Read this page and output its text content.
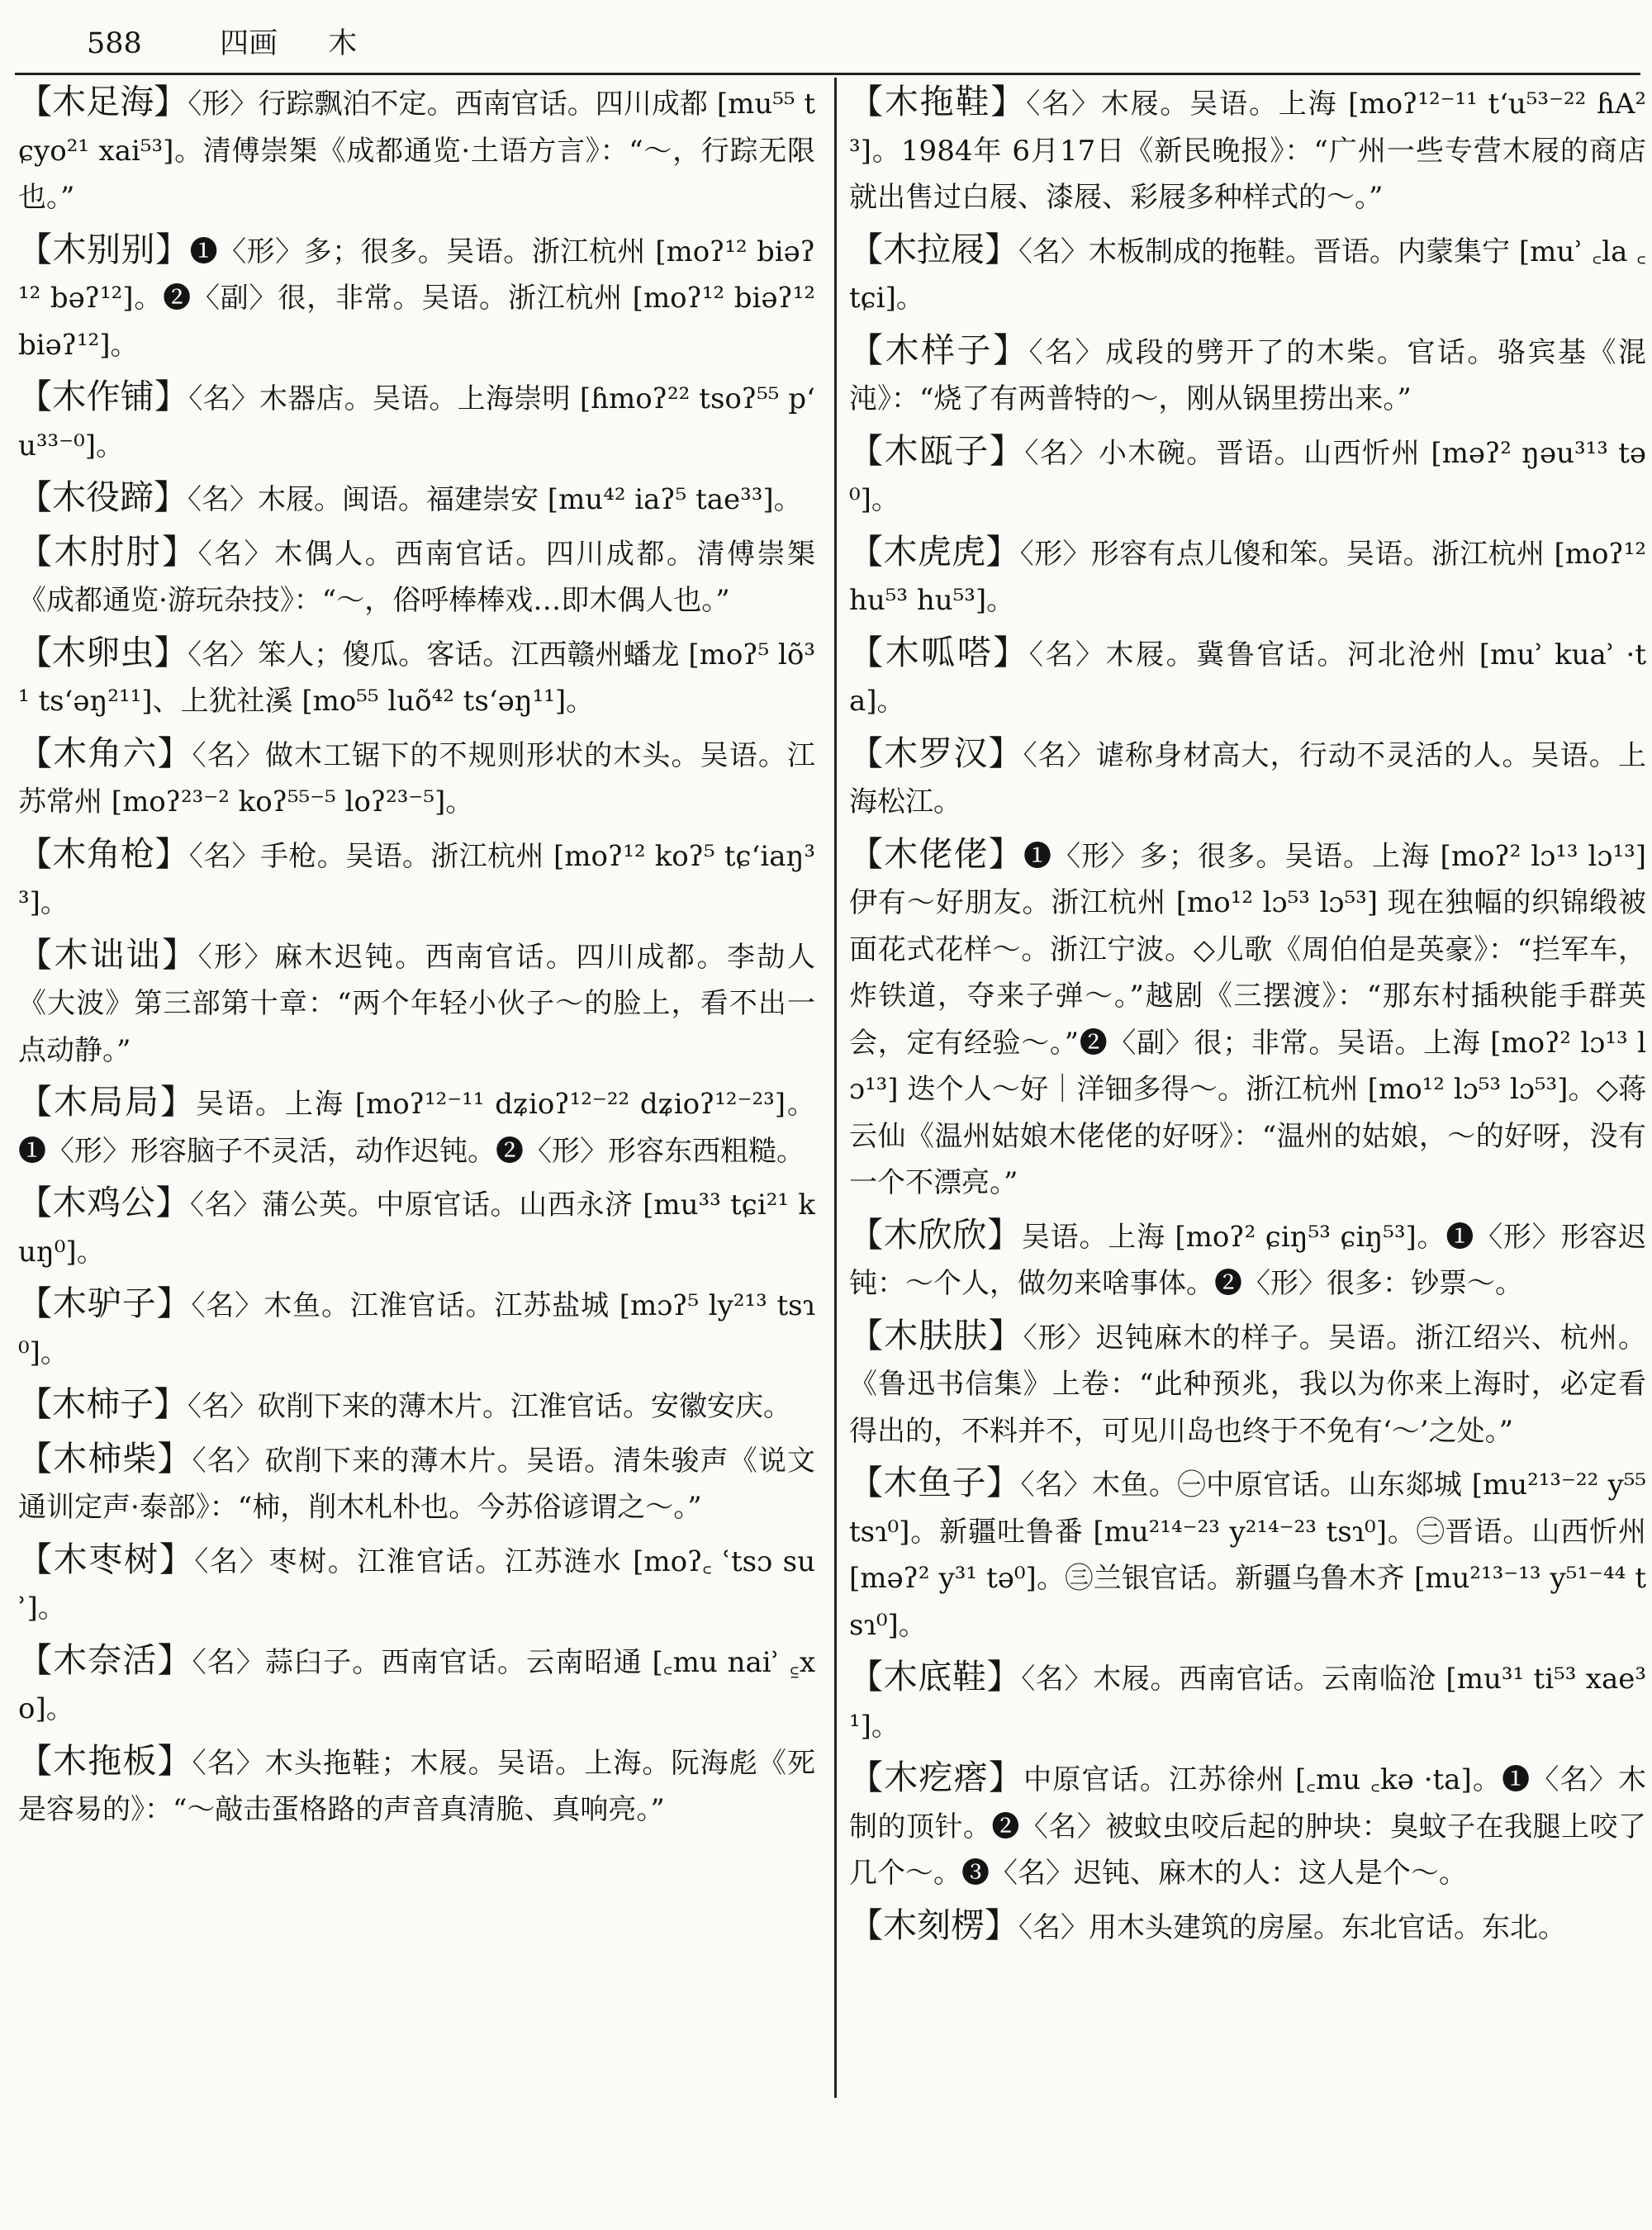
588	四画 木

【木足海】〈形〉行踪飘泊不定。西南官话。四川成都 [mu⁵⁵ tɕyo²¹ xai⁵³]。清傅崇榘《成都通览·土语方言》：“～，行踪无限也。”

【木别别】❶〈形〉多；很多。吴语。浙江杭州 [moʔ¹² biəʔ¹² bəʔ¹²]。❷〈副〉很，非常。吴语。浙江杭州 [moʔ¹² biəʔ¹² biəʔ¹²]。

【木作铺】〈名〉木器店。吴语。上海崇明 [ɦmoʔ²² tsoʔ⁵⁵ pʻu³³⁻⁰]。

【木役蹄】〈名〉木屐。闽语。福建崇安 [mu⁴² iaʔ⁵ tae³³]。

【木肘肘】〈名〉木偶人。西南官话。四川成都。清傅崇榘《成都通览·游玩杂技》：“～，俗呼棒棒戏…即木偶人也。”

【木卵虫】〈名〉笨人；傻瓜。客话。江西赣州蟠龙 [moʔ⁵ lõ³¹ tsʻəŋ²¹¹]、上犹社溪 [mo⁵⁵ luõ⁴² tsʻəŋ¹¹]。

【木角六】〈名〉做木工锯下的不规则形状的木头。吴语。江苏常州 [moʔ²³⁻² koʔ⁵⁵⁻⁵ loʔ²³⁻⁵]。

【木角枪】〈名〉手枪。吴语。浙江杭州 [moʔ¹² koʔ⁵ tɕʻiaŋ³³]。

【木诎诎】〈形〉麻木迟钝。西南官话。四川成都。李劼人《大波》第三部第十章：“两个年轻小伙子～的脸上，看不出一点动静。”

【木局局】吴语。上海 [moʔ¹²⁻¹¹ dʑioʔ¹²⁻²² dʑioʔ¹²⁻²³]。❶〈形〉形容脑子不灵活，动作迟钝。❷〈形〉形容东西粗糙。

【木鸡公】〈名〉蒲公英。中原官话。山西永济 [mu³³ tɕi²¹ kuŋ⁰]。

【木驴子】〈名〉木鱼。江淮官话。江苏盐城 [mɔʔ⁵ ly²¹³ tsɿ⁰]。

【木柿子】〈名〉砍削下来的薄木片。江淮官话。安徽安庆。

【木柿柴】〈名〉砍削下来的薄木片。吴语。清朱骏声《说文通训定声·泰部》：“柿，削木札朴也。今苏俗谚谓之～。”

【木枣树】〈名〉枣树。江淮官话。江苏涟水 [moʔ꜀ ʿtsɔ suʾ]。

【木奈活】〈名〉蒜臼子。西南官话。云南昭通 [꜀mu naiʾ ꜁xo]。

【木拖板】〈名〉木头拖鞋；木屐。吴语。上海。阮海彪《死是容易的》：“～敲击蛋格路的声音真清脆、真响亮。”

【木拖鞋】〈名〉木屐。吴语。上海 [moʔ¹²⁻¹¹ tʻu⁵³⁻²² ɦA²³]。1984年 6月17日《新民晚报》：“广州一些专营木屐的商店就出售过白屐、漆屐、彩屐多种样式的～。”

【木拉屐】〈名〉木板制成的拖鞋。晋语。内蒙集宁 [muʾ ꜀la ꜀tɕi]。

【木样子】〈名〉成段的劈开了的木柴。官话。骆宾基《混沌》：“烧了有两普特的～，刚从锅里捞出来。”

【木瓯子】〈名〉小木碗。晋语。山西忻州 [məʔ² ŋəu³¹³ tə⁰]。

【木虎虎】〈形〉形容有点儿傻和笨。吴语。浙江杭州 [moʔ¹² hu⁵³ hu⁵³]。

【木呱嗒】〈名〉木屐。冀鲁官话。河北沧州 [muʾ kuaʾ ·ta]。

【木罗汉】〈名〉谑称身材高大，行动不灵活的人。吴语。上海松江。

【木佬佬】❶〈形〉多；很多。吴语。上海 [moʔ² lɔ¹³ lɔ¹³] 伊有～好朋友。浙江杭州 [mo¹² lɔ⁵³ lɔ⁵³] 现在独幅的织锦缎被面花式花样～。浙江宁波。◇儿歌《周伯伯是英豪》：“拦军车，炸铁道，夺来子弹～。”越剧《三摆渡》：“那东村插秧能手群英会，定有经验～。”❷〈副〉很；非常。吴语。上海 [moʔ² lɔ¹³ lɔ¹³] 迭个人～好｜洋钿多得～。浙江杭州 [mo¹² lɔ⁵³ lɔ⁵³]。◇蒋云仙《温州姑娘木佬佬的好呀》：“温州的姑娘，～的好呀，没有一个不漂亮。”

【木欣欣】吴语。上海 [moʔ² ɕiŋ⁵³ ɕiŋ⁵³]。❶〈形〉形容迟钝：～个人，做勿来啥事体。❷〈形〉很多：钞票～。

【木肤肤】〈形〉迟钝麻木的样子。吴语。浙江绍兴、杭州。《鲁迅书信集》上卷：“此种预兆，我以为你来上海时，必定看得出的，不料并不，可见川岛也终于不免有‘～’之处。”

【木鱼子】〈名〉木鱼。㊀中原官话。山东郯城 [mu²¹³⁻²² y⁵⁵ tsɿ⁰]。新疆吐鲁番 [mu²¹⁴⁻²³ y²¹⁴⁻²³ tsɿ⁰]。㊁晋语。山西忻州 [məʔ² y³¹ tə⁰]。㊂兰银官话。新疆乌鲁木齐 [mu²¹³⁻¹³ y⁵¹⁻⁴⁴ tsɿ⁰]。

【木底鞋】〈名〉木屐。西南官话。云南临沧 [mu³¹ ti⁵³ xae³¹]。

【木疙瘩】中原官话。江苏徐州 [꜀mu ꜀kə ·ta]。❶〈名〉木制的顶针。❷〈名〉被蚊虫咬后起的肿块：臭蚊子在我腿上咬了几个～。❸〈名〉迟钝、麻木的人：这人是个～。

【木刻楞】〈名〉用木头建筑的房屋。东北官话。东北。
